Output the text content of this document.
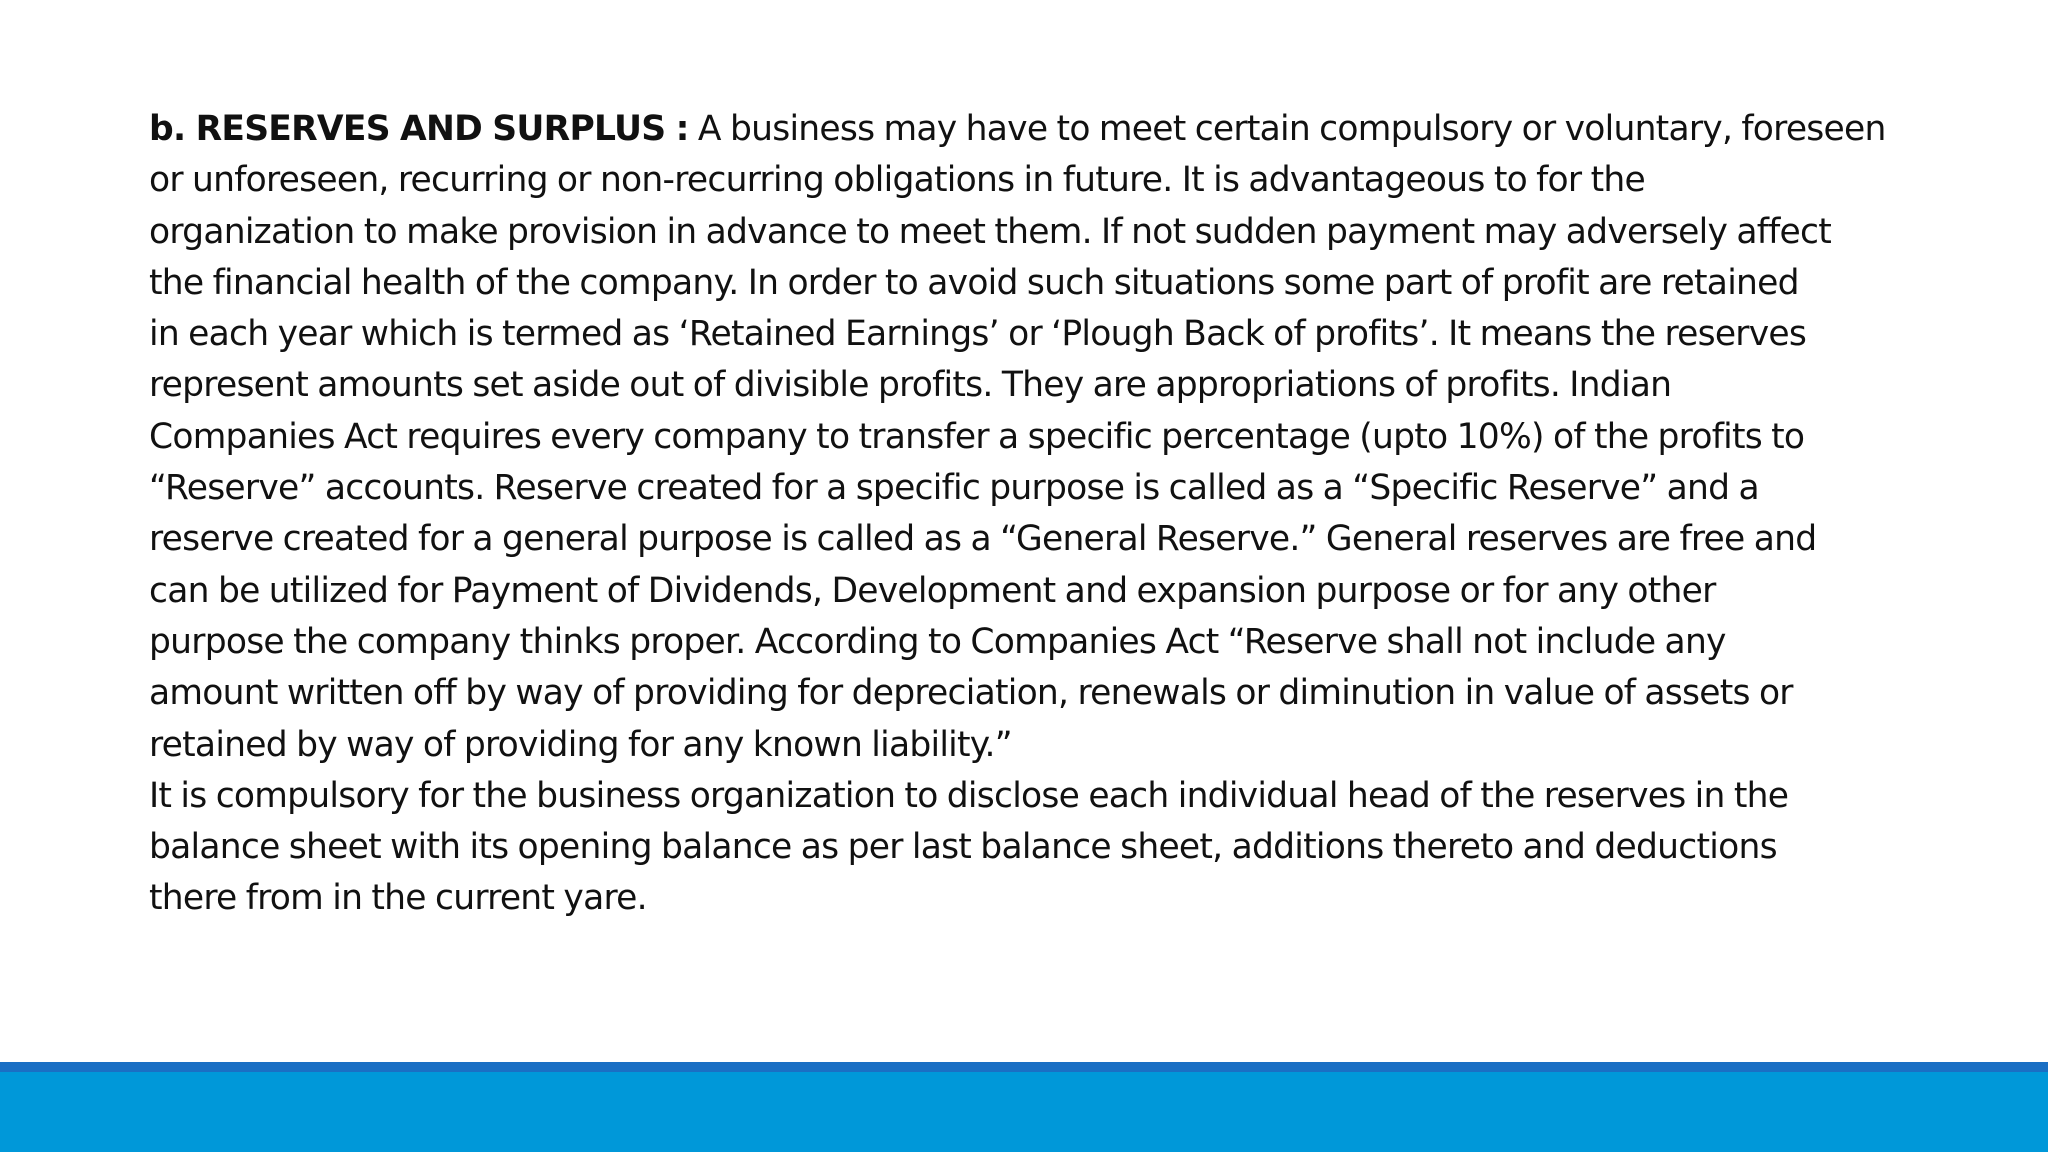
b. RESERVES AND SURPLUS : A business may have to meet certain compulsory or voluntary, foreseen
or unforeseen, recurring or non-recurring obligations in future. It is advantageous to for the
organization to make provision in advance to meet them. If not sudden payment may adversely affect
the financial health of the company. In order to avoid such situations some part of profit are retained
in each year which is termed as ‘Retained Earnings’ or ‘Plough Back of profits’. It means the reserves
represent amounts set aside out of divisible profits. They are appropriations of profits. Indian
Companies Act requires every company to transfer a specific percentage (upto 10%) of the profits to
“Reserve” accounts. Reserve created for a specific purpose is called as a “Specific Reserve” and a
reserve created for a general purpose is called as a “General Reserve.” General reserves are free and
can be utilized for Payment of Dividends, Development and expansion purpose or for any other
purpose the company thinks proper. According to Companies Act “Reserve shall not include any
amount written off by way of providing for depreciation, renewals or diminution in value of assets or
retained by way of providing for any known liability.”
It is compulsory for the business organization to disclose each individual head of the reserves in the
balance sheet with its opening balance as per last balance sheet, additions thereto and deductions
there from in the current yare.
